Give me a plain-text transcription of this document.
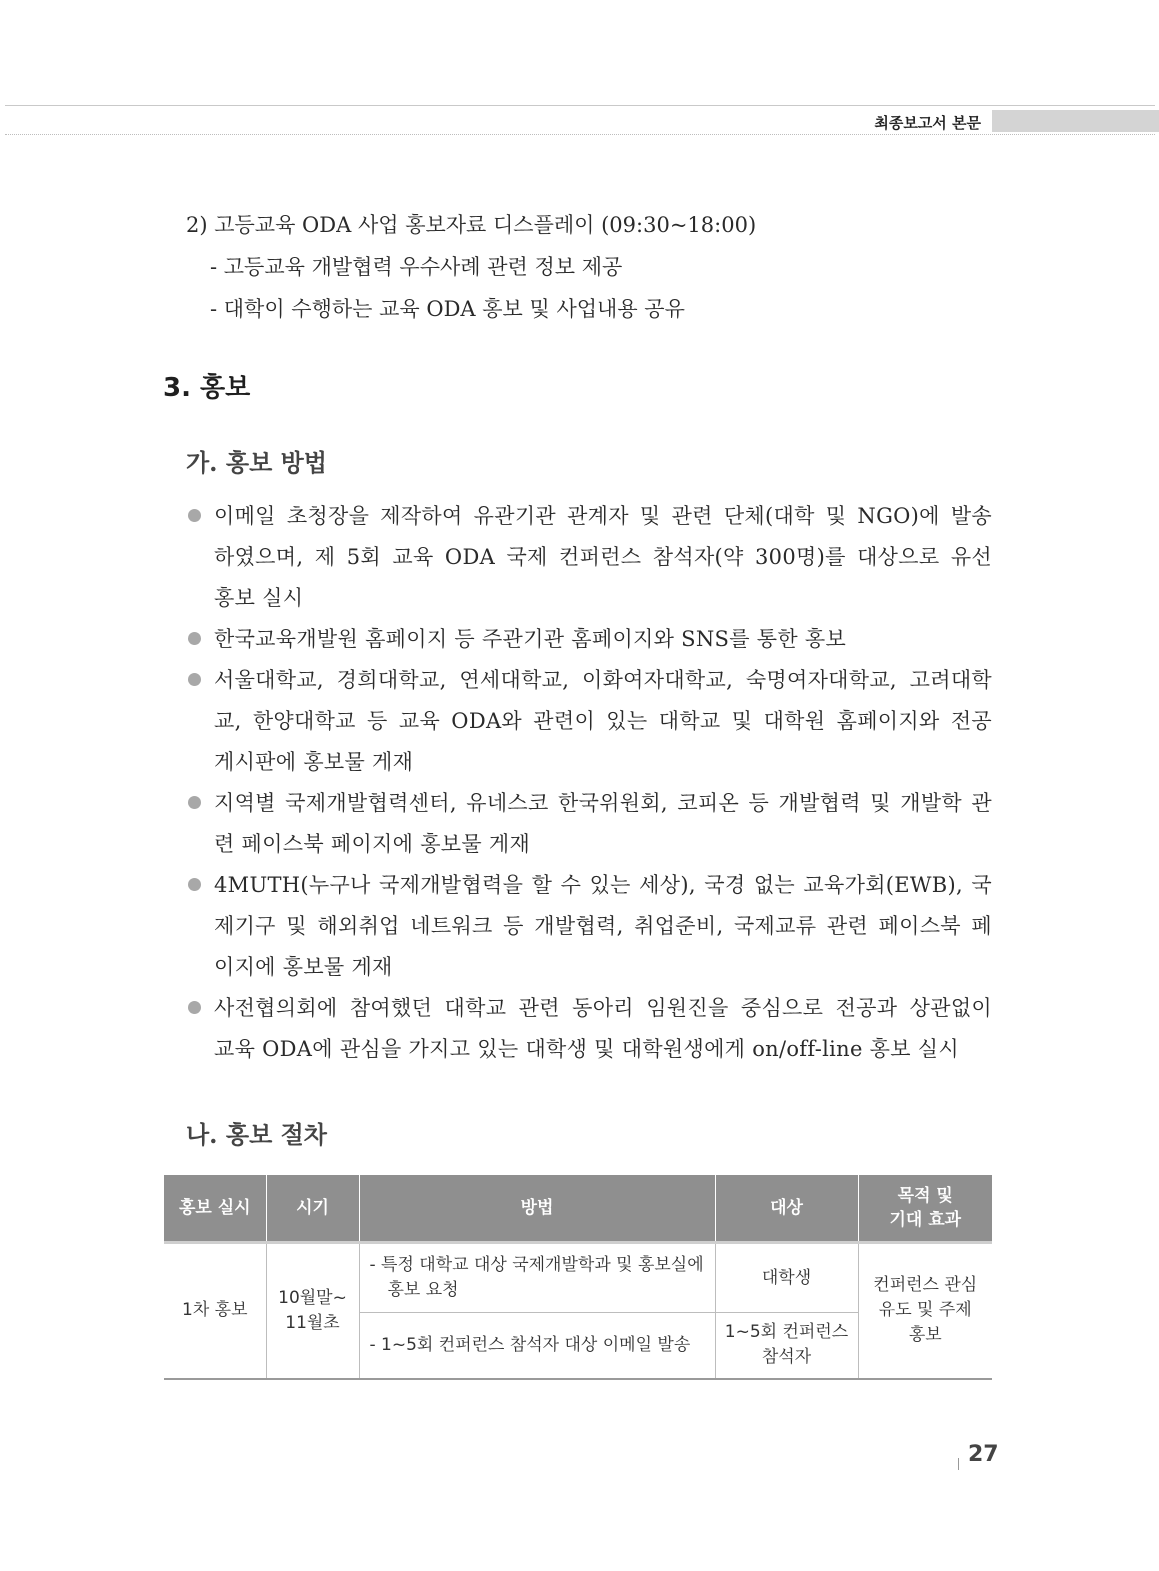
최종보고서 본문
2) 고등교육 ODA 사업 홍보자료 디스플레이 (09:30~18:00)
- 고등교육 개발협력 우수사례 관련 정보 제공
- 대학이 수행하는 교육 ODA 홍보 및 사업내용 공유
3. 홍보
가. 홍보 방법
이메일 초청장을 제작하여 유관기관 관계자 및 관련 단체(대학 및 NGO)에 발송
하였으며, 제 5회 교육 ODA 국제 컨퍼런스 참석자(약 300명)를 대상으로 유선
홍보 실시
한국교육개발원 홈페이지 등 주관기관 홈페이지와 SNS를 통한 홍보
서울대학교, 경희대학교, 연세대학교, 이화여자대학교, 숙명여자대학교, 고려대학
교, 한양대학교 등 교육 ODA와 관련이 있는 대학교 및 대학원 홈페이지와 전공
게시판에 홍보물 게재
지역별 국제개발협력센터, 유네스코 한국위원회, 코피온 등 개발협력 및 개발학 관
련 페이스북 페이지에 홍보물 게재
4MUTH(누구나 국제개발협력을 할 수 있는 세상), 국경 없는 교육가회(EWB), 국
제기구 및 해외취업 네트워크 등 개발협력, 취업준비, 국제교류 관련 페이스북 페
이지에 홍보물 게재
사전협의회에 참여했던 대학교 관련 동아리 임원진을 중심으로 전공과 상관없이
교육 ODA에 관심을 가지고 있는 대학생 및 대학원생에게 on/off-line 홍보 실시
나. 홍보 절차
홍보 실시	시기	방법	대상	목적 및
기대 효과
1차 홍보	10월말~
11월초	- 특정 대학교 대상 국제개발학과 및 홍보실에 홍보 요청	대학생	컨퍼런스 관심
유도 및 주제
홍보

		- 1~5회 컨퍼런스 참석자 대상 이메일 발송	1~5회 컨퍼런스
참석자	
27
